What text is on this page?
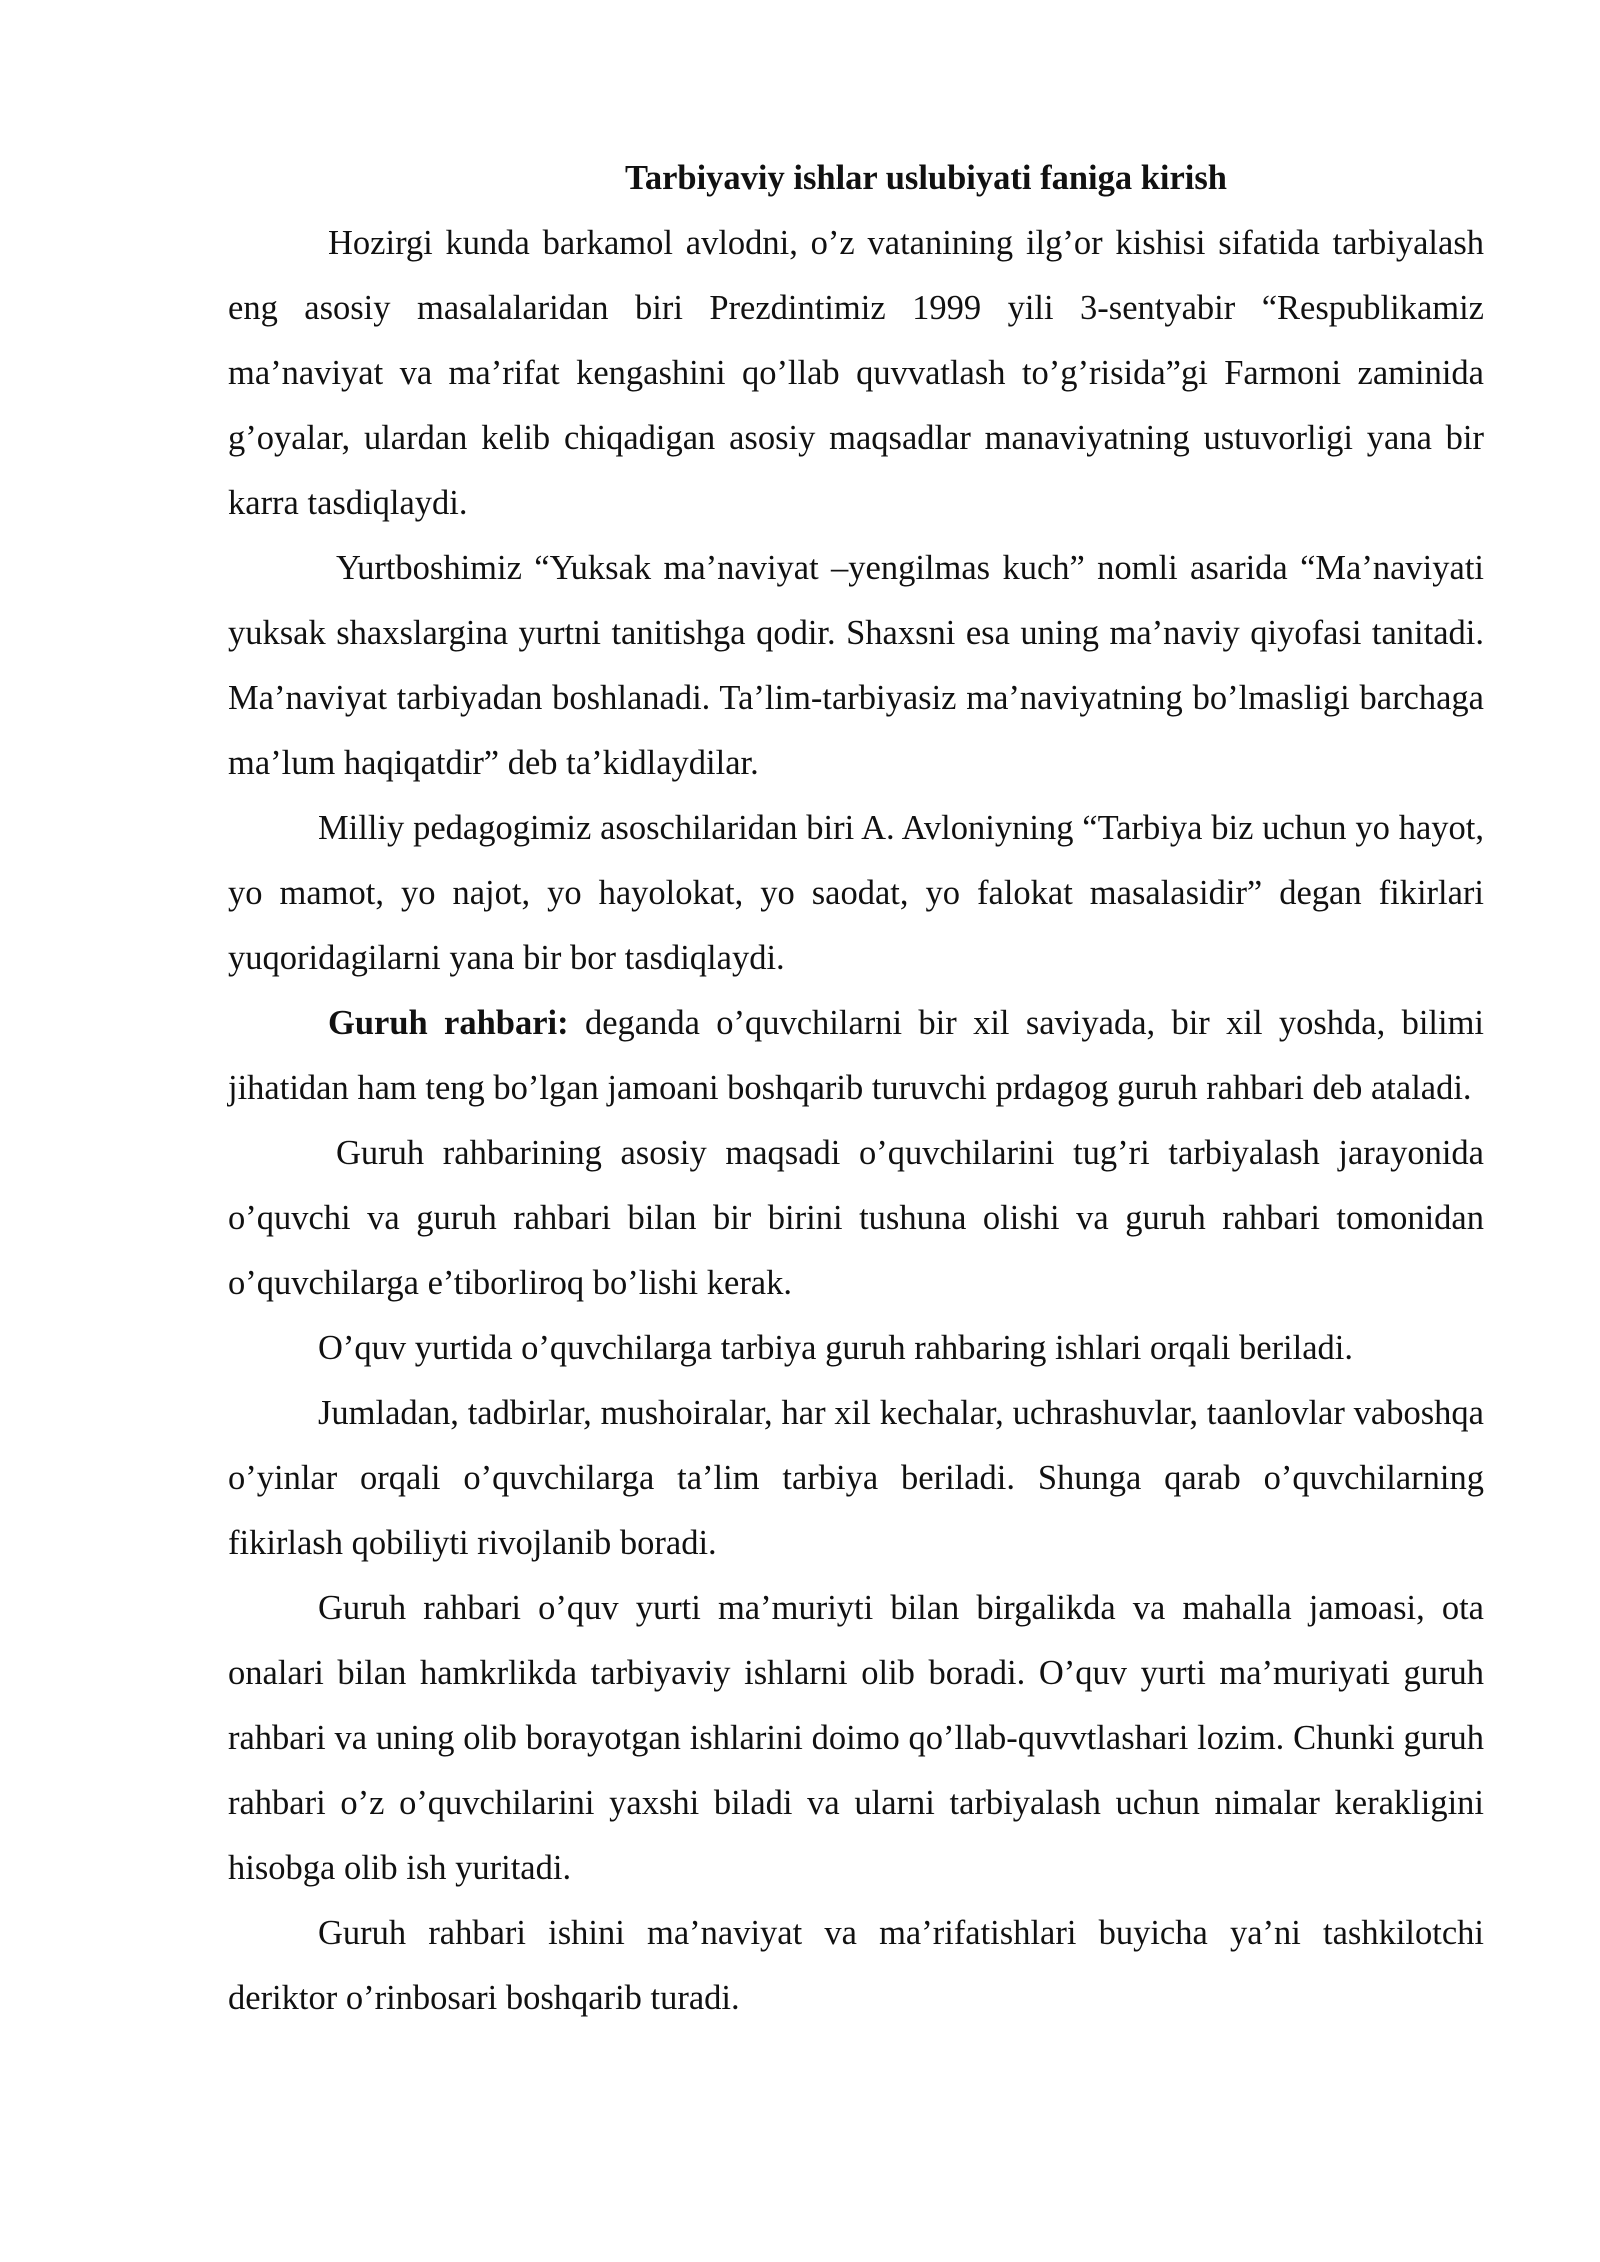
Tarbiyaviy ishlar uslubiyati faniga kirish

Hozirgi kunda barkamol avlodni, o’z vatanining ilg’or kishisi sifatida tarbiyalash eng asosiy masalalaridan biri Prezdintimiz 1999 yili 3-sentyabir “Respublikamiz ma’naviyat va ma’rifat kengashini qo’llab quvvatlash to’g’risida”gi Farmoni zaminida g’oyalar, ulardan kelib chiqadigan asosiy maqsadlar manaviyatning ustuvorligi yana bir karra tasdiqlaydi.

Yurtboshimiz “Yuksak ma’naviyat –yengilmas kuch” nomli asarida “Ma’naviyati yuksak shaxslargina yurtni tanitishga qodir. Shaxsni esa uning ma’naviy qiyofasi tanitadi. Ma’naviyat tarbiyadan boshlanadi. Ta’lim-tarbiyasiz ma’naviyatning bo’lmasligi barchaga ma’lum haqiqatdir” deb ta’kidlaydilar.

Milliy pedagogimiz asoschilaridan biri A. Avloniyning “Tarbiya biz uchun yo hayot, yo mamot, yo najot, yo hayolokat, yo saodat, yo falokat masalasidir” degan fikirlari yuqoridagilarni yana bir bor tasdiqlaydi.

Guruh rahbari: deganda o’quvchilarni bir xil saviyada, bir xil yoshda, bilimi jihatidan ham teng bo’lgan jamoani boshqarib turuvchi prdagog guruh rahbari deb ataladi.

Guruh rahbarining asosiy maqsadi o’quvchilarini tug’ri tarbiyalash jarayonida o’quvchi va guruh rahbari bilan bir birini tushuna olishi va guruh rahbari tomonidan o’quvchilarga e’tiborliroq bo’lishi kerak.

O’quv yurtida o’quvchilarga tarbiya guruh rahbaring ishlari orqali beriladi.

Jumladan, tadbirlar, mushoiralar, har xil kechalar, uchrashuvlar, taanlovlar vaboshqa o’yinlar orqali o’quvchilarga ta’lim tarbiya beriladi. Shunga qarab o’quvchilarning fikirlash qobiliyti rivojlanib boradi.

Guruh rahbari o’quv yurti ma’muriyti bilan birgalikda va mahalla jamoasi, ota onalari bilan hamkrlikda tarbiyaviy ishlarni olib boradi. O’quv yurti ma’muriyati guruh rahbari va uning olib borayotgan ishlarini doimo qo’llab-quvvtlashari lozim. Chunki guruh rahbari o’z o’quvchilarini yaxshi biladi va ularni tarbiyalash uchun nimalar kerakligini hisobga olib ish yuritadi.

Guruh rahbari ishini ma’naviyat va ma’rifatishlari buyicha ya’ni tashkilotchi deriktor o’rinbosari boshqarib turadi.
